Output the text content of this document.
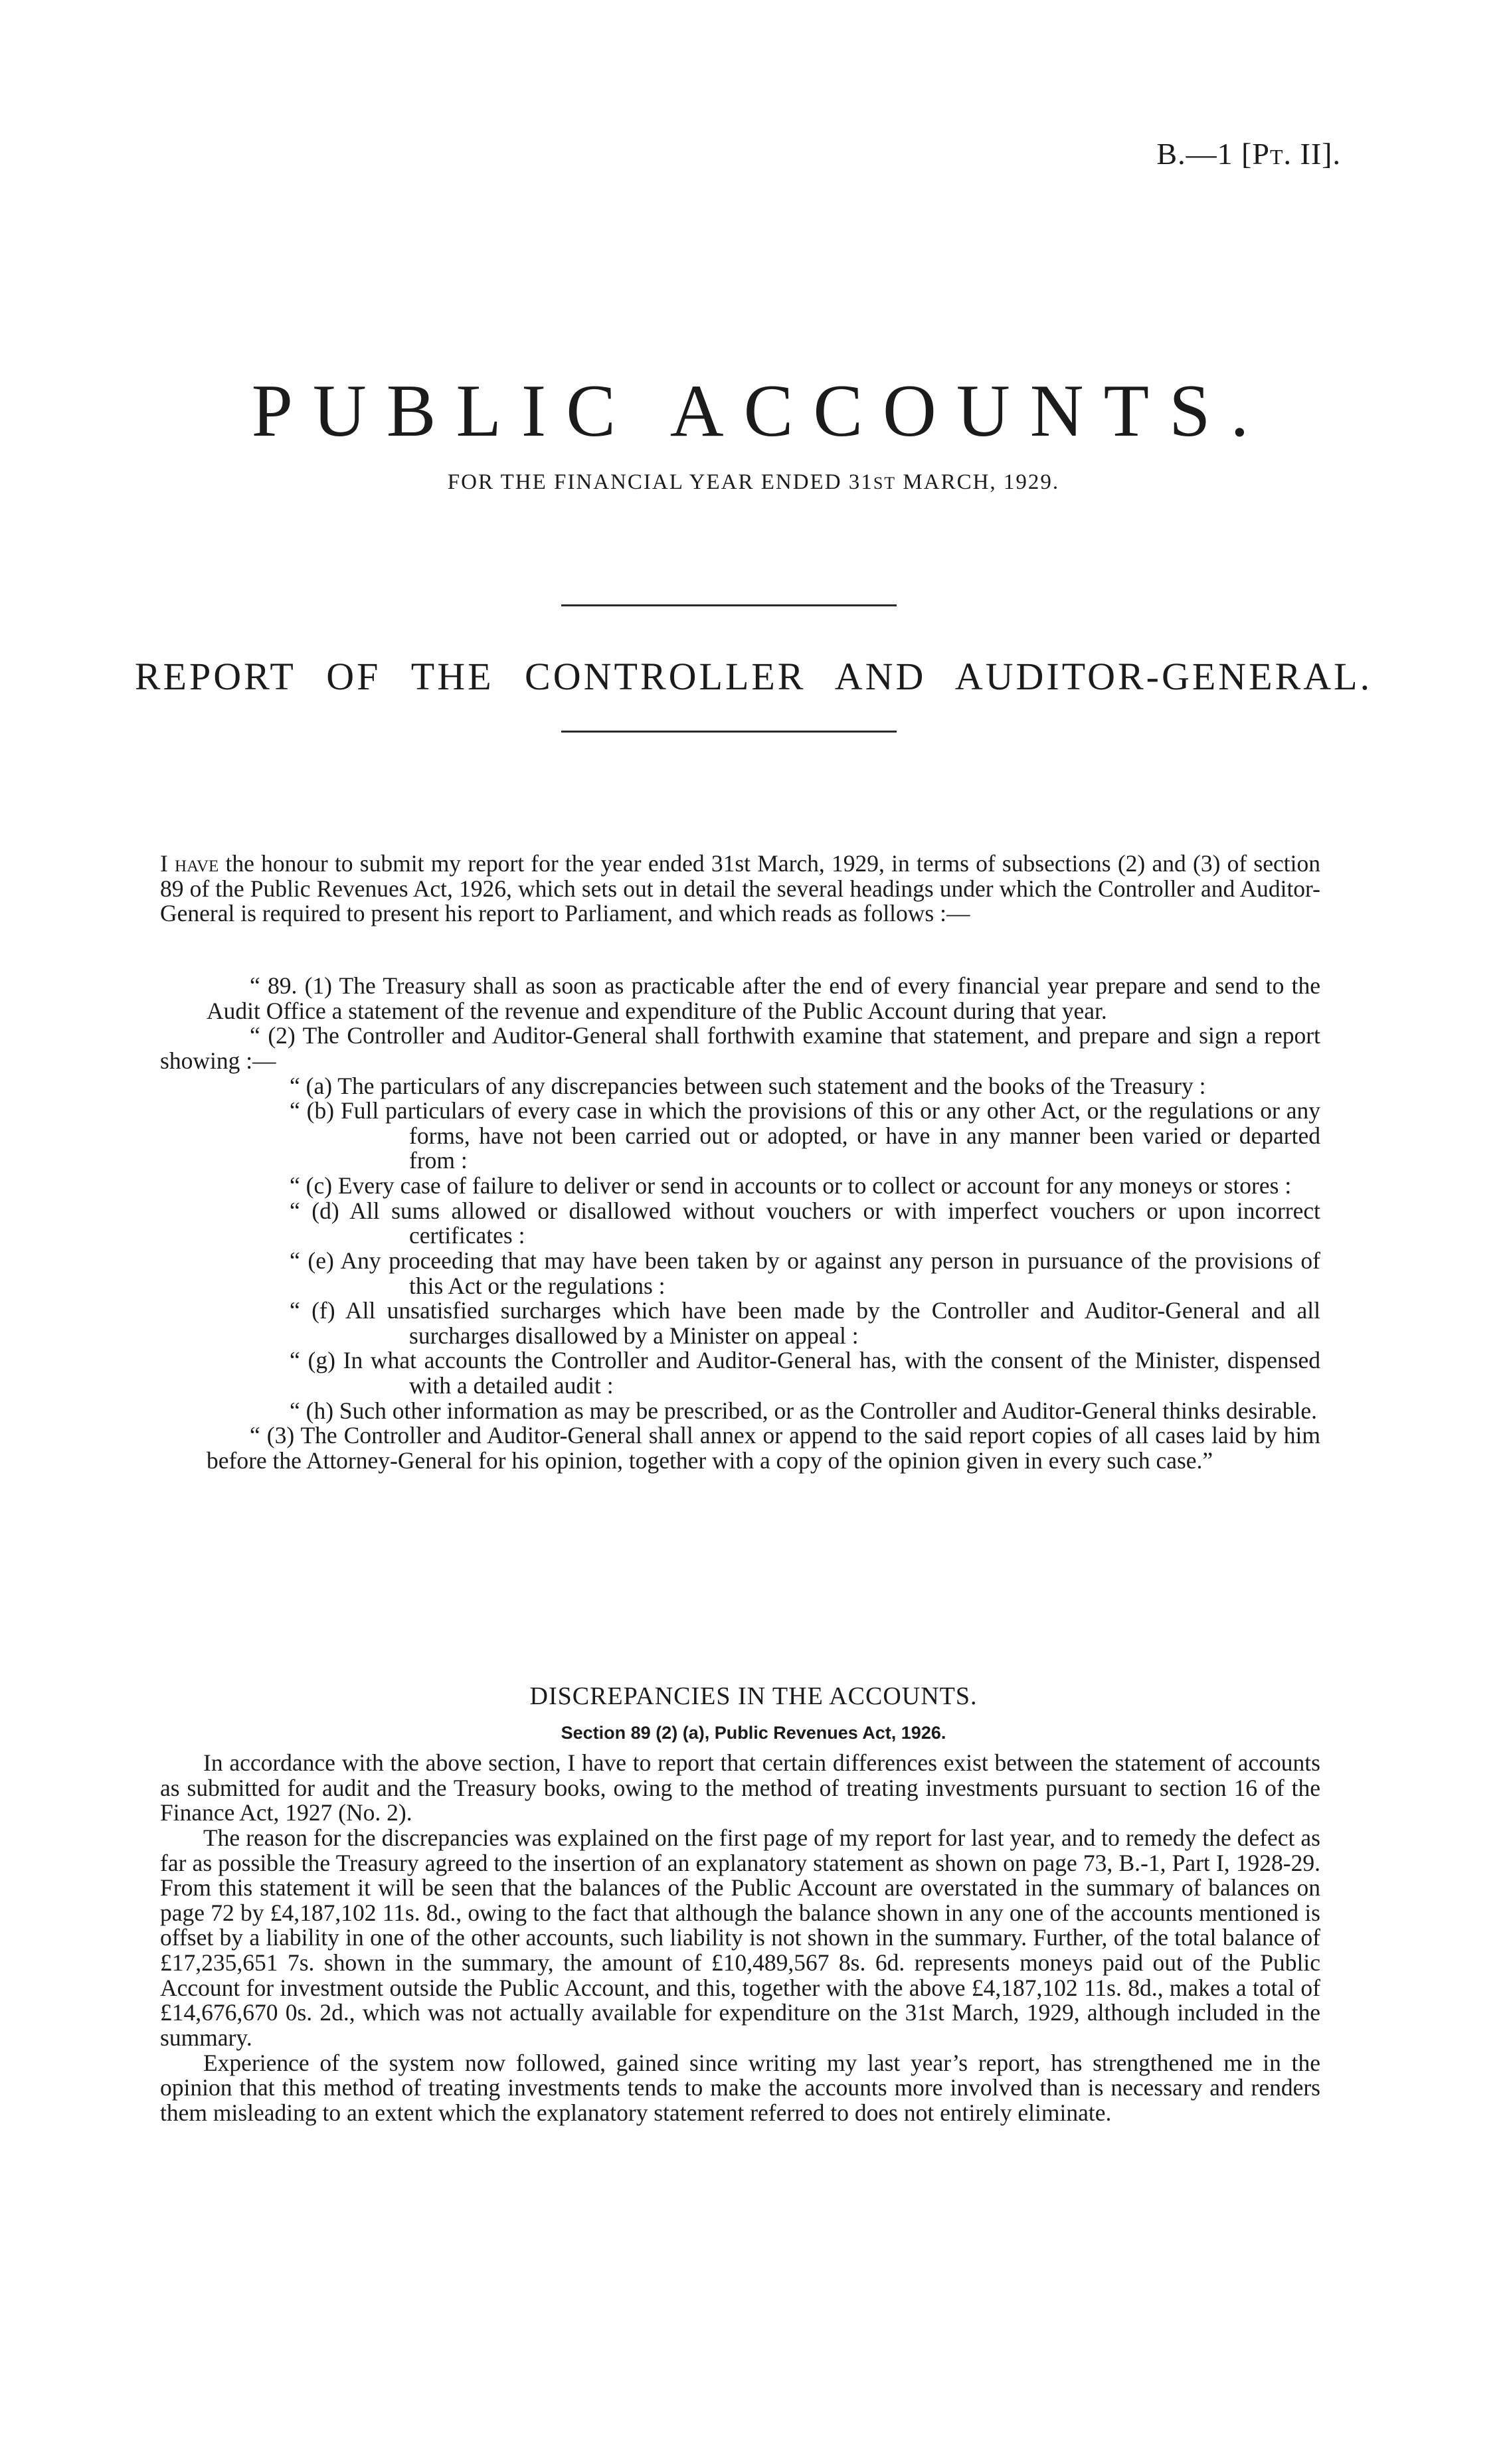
B.—1 [Pt. II].
PUBLIC ACCOUNTS.
FOR THE FINANCIAL YEAR ENDED 31ST MARCH, 1929.
REPORT OF THE CONTROLLER AND AUDITOR-GENERAL.

I have the honour to submit my report for the year ended 31st March, 1929, in terms of subsections (2) and (3) of section 89 of the Public Revenues Act, 1926, which sets out in detail the several headings under which the Controller and Auditor-General is required to present his report to Parliament, and which reads as follows :—

“ 89. (1) The Treasury shall as soon as practicable after the end of every financial year prepare and send to the Audit Office a statement of the revenue and expenditure of the Public Account during that year.

“ (2) The Controller and Auditor-General shall forthwith examine that statement, and prepare and sign a report showing :—

“ (a) The particulars of any discrepancies between such statement and the books of the Treasury :

“ (b) Full particulars of every case in which the provisions of this or any other Act, or the regulations or any forms, have not been carried out or adopted, or have in any manner been varied or departed from :

“ (c) Every case of failure to deliver or send in accounts or to collect or account for any moneys or stores :

“ (d) All sums allowed or disallowed without vouchers or with imperfect vouchers or upon incorrect certificates :

“ (e) Any proceeding that may have been taken by or against any person in pursuance of the provisions of this Act or the regulations :

“ (f) All unsatisfied surcharges which have been made by the Controller and Auditor-General and all surcharges disallowed by a Minister on appeal :

“ (g) In what accounts the Controller and Auditor-General has, with the consent of the Minister, dispensed with a detailed audit :

“ (h) Such other information as may be prescribed, or as the Controller and Auditor-General thinks desirable.

“ (3) The Controller and Auditor-General shall annex or append to the said report copies of all cases laid by him before the Attorney-General for his opinion, together with a copy of the opinion given in every such case.”

DISCREPANCIES IN THE ACCOUNTS.
Section 89 (2) (a), Public Revenues Act, 1926.

In accordance with the above section, I have to report that certain differences exist between the statement of accounts as submitted for audit and the Treasury books, owing to the method of treating investments pursuant to section 16 of the Finance Act, 1927 (No. 2).

The reason for the discrepancies was explained on the first page of my report for last year, and to remedy the defect as far as possible the Treasury agreed to the insertion of an explanatory statement as shown on page 73, B.-1, Part I, 1928-29. From this statement it will be seen that the balances of the Public Account are overstated in the summary of balances on page 72 by £4,187,102 11s. 8d., owing to the fact that although the balance shown in any one of the accounts mentioned is offset by a liability in one of the other accounts, such liability is not shown in the summary. Further, of the total balance of £17,235,651 7s. shown in the summary, the amount of £10,489,567 8s. 6d. represents moneys paid out of the Public Account for investment outside the Public Account, and this, together with the above £4,187,102 11s. 8d., makes a total of £14,676,670 0s. 2d., which was not actually available for expenditure on the 31st March, 1929, although included in the summary.

Experience of the system now followed, gained since writing my last year’s report, has strengthened me in the opinion that this method of treating investments tends to make the accounts more involved than is necessary and renders them misleading to an extent which the explanatory statement referred to does not entirely eliminate.
